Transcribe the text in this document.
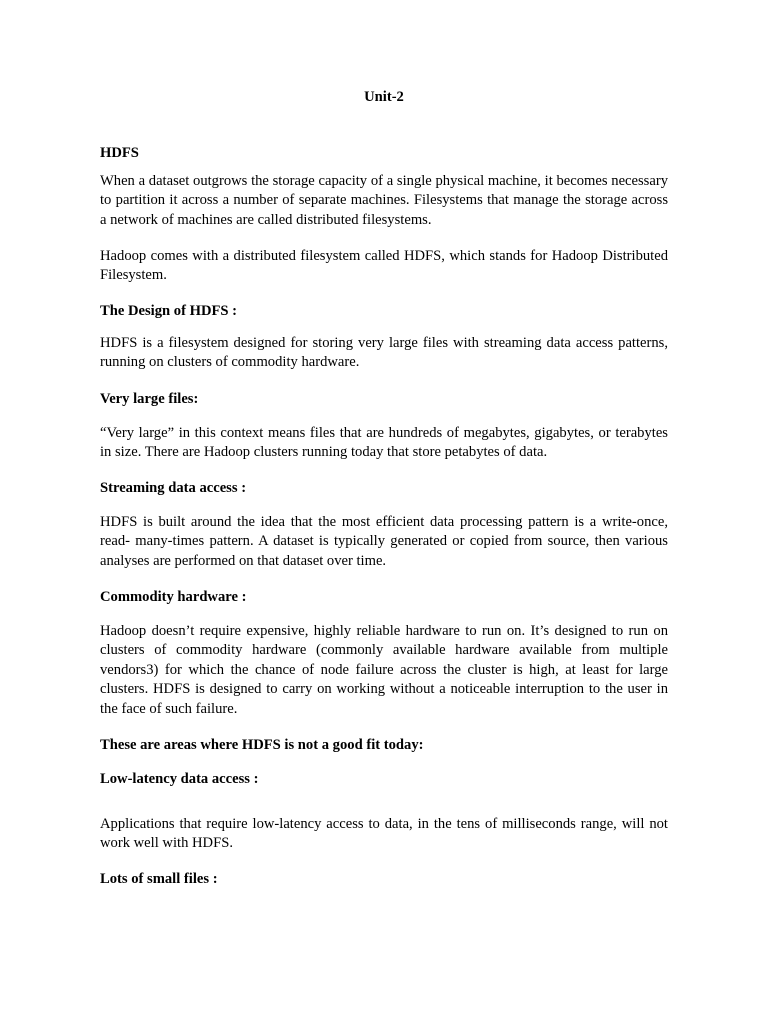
Unit-2
HDFS
When a dataset outgrows the storage capacity of a single physical machine, it becomes necessary to partition it across a number of separate machines. Filesystems that manage the storage across a network of machines are called distributed filesystems.
Hadoop comes with a distributed filesystem called HDFS, which stands for Hadoop Distributed Filesystem.
The Design of HDFS :
HDFS is a filesystem designed for storing very large files with streaming data access patterns, running on clusters of commodity hardware.
Very large files:
“Very large” in this context means files that are hundreds of megabytes, gigabytes, or terabytes in size. There are Hadoop clusters running today that store petabytes of data.
Streaming data access :
HDFS is built around the idea that the most efficient data processing pattern is a write-once, read- many-times pattern. A dataset is typically generated or copied from source, then various analyses are performed on that dataset over time.
Commodity hardware :
Hadoop doesn’t require expensive, highly reliable hardware to run on. It’s designed to run on clusters of commodity hardware (commonly available hardware available from multiple vendors3) for which the chance of node failure across the cluster is high, at least for large clusters. HDFS is designed to carry on working without a noticeable interruption to the user in the face of such failure.
These are areas where HDFS is not a good fit today:
Low-latency data access :
Applications that require low-latency access to data, in the tens of milliseconds range, will not work well with HDFS.
Lots of small files :
